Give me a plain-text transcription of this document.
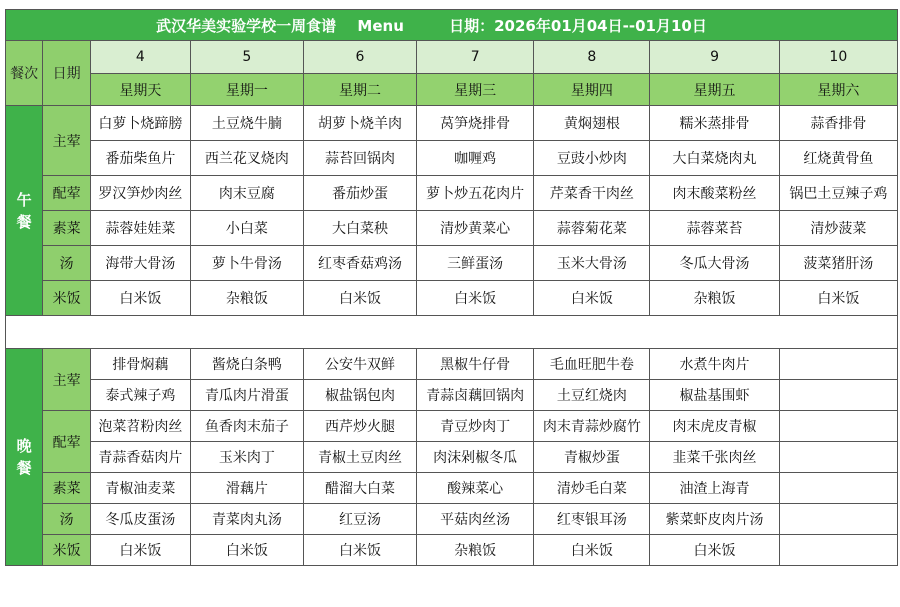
武汉华美实验学校一周食谱 Menu 日期：2026年01月04日--01月10日								
餐次	日期	4	5	6	7	8	9	10
		星期天	星期一	星期二	星期三	星期四	星期五	星期六

午
餐	主荤	白萝卜烧蹄膀	土豆烧牛腩	胡萝卜烧羊肉	莴笋烧排骨	黄焖翅根	糯米蒸排骨	蒜香排骨
		番茄柴鱼片	西兰花叉烧肉	蒜苔回锅肉	咖喱鸡	豆豉小炒肉	大白菜烧肉丸	红烧黄骨鱼
	配荤	罗汉笋炒肉丝	肉末豆腐	番茄炒蛋	萝卜炒五花肉片	芹菜香干肉丝	肉末酸菜粉丝	锅巴土豆辣子鸡
	素菜	蒜蓉娃娃菜	小白菜	大白菜秧	清炒黄菜心	蒜蓉菊花菜	蒜蓉菜苔	清炒菠菜
	汤	海带大骨汤	萝卜牛骨汤	红枣香菇鸡汤	三鲜蛋汤	玉米大骨汤	冬瓜大骨汤	菠菜猪肝汤
	米饭	白米饭	杂粮饭	白米饭	白米饭	白米饭	杂粮饭	白米饭

晚
餐	主荤	排骨焖藕	酱烧白条鸭	公安牛双鲜	黑椒牛仔骨	毛血旺肥牛卷	水煮牛肉片	
		泰式辣子鸡	青瓜肉片滑蛋	椒盐锅包肉	青蒜卤藕回锅肉	土豆红烧肉	椒盐基围虾	
	配荤	泡菜苕粉肉丝	鱼香肉末茄子	西芹炒火腿	青豆炒肉丁	肉末青蒜炒腐竹	肉末虎皮青椒	
		青蒜香菇肉片	玉米肉丁	青椒土豆肉丝	肉沫剁椒冬瓜	青椒炒蛋	韭菜千张肉丝	
	素菜	青椒油麦菜	滑藕片	醋溜大白菜	酸辣菜心	清炒毛白菜	油渣上海青	
	汤	冬瓜皮蛋汤	青菜肉丸汤	红豆汤	平菇肉丝汤	红枣银耳汤	紫菜虾皮肉片汤	
	米饭	白米饭	白米饭	白米饭	杂粮饭	白米饭	白米饭	
